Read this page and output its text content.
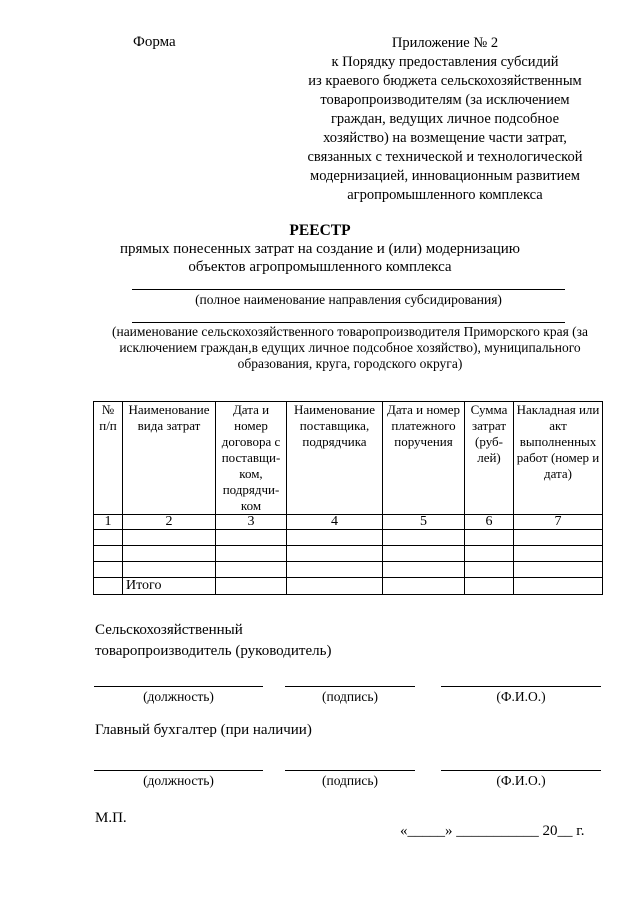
Форма	Приложение № 2
к Порядку предоставления субсидий
из краевого бюджета сельскохозяйственным
товаропроизводителям (за исключением
граждан, ведущих личное подсобное
хозяйство) на возмещение части затрат,
связанных с технической и технологической
модернизацией, инновационным развитием
агропромышленного комплекса
РЕЕСТР
прямых понесенных затрат на создание и (или) модернизацию
объектов агропромышленного комплекса
(полное наименование направления субсидирования)
(наименование сельскохозяйственного товаропроизводителя Приморского края (за
исключением граждан,в едущих личное подсобное хозяйство), муниципального
образования, круга, городского округа)
№ п/п	Наименование вида затрат	Дата и номер договора с поставщи-ком, подрядчи-ком	Наименование поставщика, подрядчика	Дата и номер платежного поручения	Сумма затрат (руб-лей)	Накладная или акт выполненных работ (номер и дата)
1	2	3	4	5	6	7

	Итого					
Сельскохозяйственный
товаропроизводитель (руководитель)
(должность)	(подпись)	(Ф.И.О.)
Главный бухгалтер (при наличии)
(должность)	(подпись)	(Ф.И.О.)
М.П.
«_____» ___________ 20__ г.
